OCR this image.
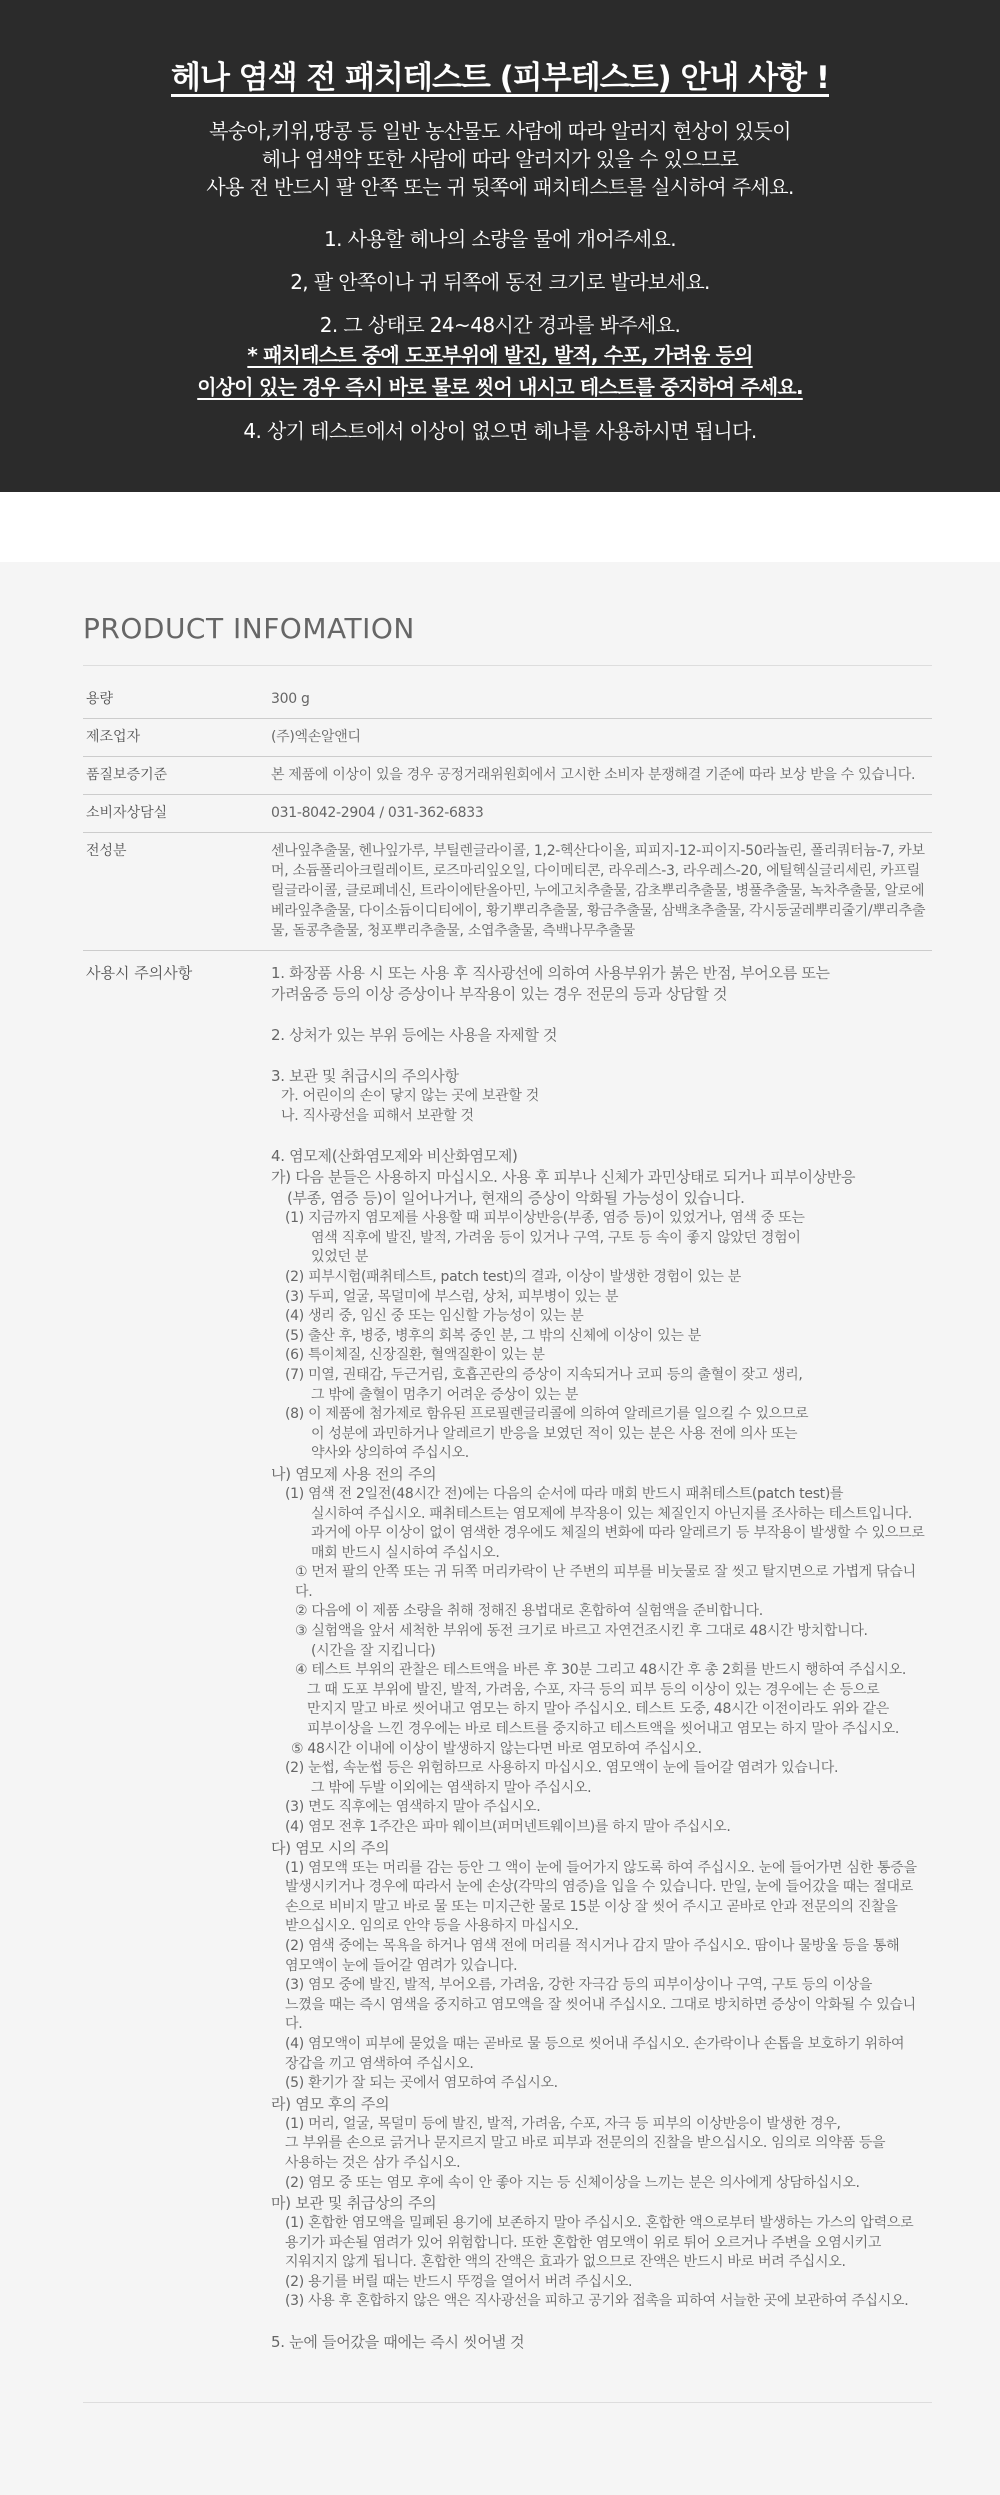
헤나 염색 전 패치테스트 (피부테스트) 안내 사항 !

복숭아,키위,땅콩 등 일반 농산물도 사람에 따라 알러지 현상이 있듯이

헤나 염색약 또한 사람에 따라 알러지가 있을 수 있으므로

사용 전 반드시 팔 안쪽 또는 귀 뒷쪽에 패치테스트를 실시하여 주세요.

1. 사용할 헤나의 소량을 물에 개어주세요.

2, 팔 안쪽이나 귀 뒤쪽에 동전 크기로 발라보세요.

2. 그 상태로 24~48시간 경과를 봐주세요.

* 패치테스트 중에 도포부위에 발진, 발적, 수포, 가려움 등의

이상이 있는 경우 즉시 바로 물로 씻어 내시고 테스트를 중지하여 주세요.

4. 상기 테스트에서 이상이 없으면 헤나를 사용하시면 됩니다.

PRODUCT INFOMATION
용량	300 g
제조업자	(주)엑손알앤디
품질보증기준	본 제품에 이상이 있을 경우 공정거래위원회에서 고시한 소비자 분쟁해결 기준에 따라 보상 받을 수 있습니다.
소비자상담실	031-8042-2904 / 031-362-6833
전성분	센나잎추출물, 헨나잎가루, 부틸렌글라이콜, 1,2-헥산다이올, 피피지-12-피이지-50라놀린, 폴리쿼터늄-7, 카보머, 소듐폴리아크릴레이트, 로즈마리잎오일, 다이메티콘, 라우레스-3, 라우레스-20, 에틸헥실글리세린, 카프릴릴글라이콜, 클로페네신, 트라이에탄올아민, 누에고치추출물, 감초뿌리추출물, 병풀추출물, 녹차추출물, 알로에베라잎추출물, 다이소듐이디티에이, 황기뿌리추출물, 황금추출물, 삼백초추출물, 각시둥굴레뿌리줄기/뿌리추출물, 돌콩추출물, 청포뿌리추출물, 소엽추출물, 측백나무추출물
사용시 주의사항	1. 화장품 사용 시 또는 사용 후 직사광선에 의하여 사용부위가 붉은 반점, 부어오름 또는
가려움증 등의 이상 증상이나 부작용이 있는 경우 전문의 등과 상담할 것
2. 상처가 있는 부위 등에는 사용을 자제할 것
3. 보관 및 취급시의 주의사항
가. 어린이의 손이 닿지 않는 곳에 보관할 것
나. 직사광선을 피해서 보관할 것
4. 염모제(산화염모제와 비산화염모제)
가) 다음 분들은 사용하지 마십시오. 사용 후 피부나 신체가 과민상태로 되거나 피부이상반응
(부종, 염증 등)이 일어나거나, 현재의 증상이 악화될 가능성이 있습니다.
(1) 지금까지 염모제를 사용할 때 피부이상반응(부종, 염증 등)이 있었거나, 염색 중 또는
염색 직후에 발진, 발적, 가려움 등이 있거나 구역, 구토 등 속이 좋지 않았던 경험이
있었던 분
(2) 피부시험(패취테스트, patch test)의 결과, 이상이 발생한 경험이 있는 분
(3) 두피, 얼굴, 목덜미에 부스럼, 상처, 피부병이 있는 분
(4) 생리 중, 임신 중 또는 임신할 가능성이 있는 분
(5) 출산 후, 병중, 병후의 회복 중인 분, 그 밖의 신체에 이상이 있는 분
(6) 특이체질, 신장질환, 혈액질환이 있는 분
(7) 미열, 권태감, 두근거림, 호흡곤란의 증상이 지속되거나 코피 등의 출혈이 잦고 생리,
그 밖에 출혈이 멈추기 어려운 증상이 있는 분
(8) 이 제품에 첨가제로 함유된 프로필렌글리콜에 의하여 알레르기를 일으킬 수 있으므로
이 성분에 과민하거나 알레르기 반응을 보였던 적이 있는 분은 사용 전에 의사 또는
약사와 상의하여 주십시오.
나) 염모제 사용 전의 주의
(1) 염색 전 2일전(48시간 전)에는 다음의 순서에 따라 매회 반드시 패취테스트(patch test)를
실시하여 주십시오. 패취테스트는 염모제에 부작용이 있는 체질인지 아닌지를 조사하는 테스트입니다.
과거에 아무 이상이 없이 염색한 경우에도 체질의 변화에 따라 알레르기 등 부작용이 발생할 수 있으므로
매회 반드시 실시하여 주십시오.
① 먼저 팔의 안쪽 또는 귀 뒤쪽 머리카락이 난 주변의 피부를 비눗물로 잘 씻고 탈지면으로 가볍게 닦습니다.
② 다음에 이 제품 소량을 취해 정해진 용법대로 혼합하여 실험액을 준비합니다.
③ 실험액을 앞서 세척한 부위에 동전 크기로 바르고 자연건조시킨 후 그대로 48시간 방치합니다.
(시간을 잘 지킵니다)
④ 테스트 부위의 관찰은 테스트액을 바른 후 30분 그리고 48시간 후 총 2회를 반드시 행하여 주십시오.
그 때 도포 부위에 발진, 발적, 가려움, 수포, 자극 등의 피부 등의 이상이 있는 경우에는 손 등으로
만지지 말고 바로 씻어내고 염모는 하지 말아 주십시오. 테스트 도중, 48시간 이전이라도 위와 같은
피부이상을 느낀 경우에는 바로 테스트를 중지하고 테스트액을 씻어내고 염모는 하지 말아 주십시오.
⑤ 48시간 이내에 이상이 발생하지 않는다면 바로 염모하여 주십시오.
(2) 눈썹, 속눈썹 등은 위험하므로 사용하지 마십시오. 염모액이 눈에 들어갈 염려가 있습니다.
그 밖에 두발 이외에는 염색하지 말아 주십시오.
(3) 면도 직후에는 염색하지 말아 주십시오.
(4) 염모 전후 1주간은 파마 웨이브(퍼머넨트웨이브)를 하지 말아 주십시오.
다) 염모 시의 주의
(1) 염모액 또는 머리를 감는 등안 그 액이 눈에 들어가지 않도록 하여 주십시오. 눈에 들어가면 심한 통증을
발생시키거나 경우에 따라서 눈에 손상(각막의 염증)을 입을 수 있습니다. 만일, 눈에 들어갔을 때는 절대로
손으로 비비지 말고 바로 물 또는 미지근한 물로 15분 이상 잘 씻어 주시고 곧바로 안과 전문의의 진찰을
받으십시오. 임의로 안약 등을 사용하지 마십시오.
(2) 염색 중에는 목욕을 하거나 염색 전에 머리를 적시거나 감지 말아 주십시오. 땀이나 물방울 등을 통해
염모액이 눈에 들어갈 염려가 있습니다.
(3) 염모 중에 발진, 발적, 부어오름, 가려움, 강한 자극감 등의 피부이상이나 구역, 구토 등의 이상을
느꼈을 때는 즉시 염색을 중지하고 염모액을 잘 씻어내 주십시오. 그대로 방치하면 증상이 악화될 수 있습니다.
(4) 염모액이 피부에 묻었을 때는 곧바로 물 등으로 씻어내 주십시오. 손가락이나 손톱을 보호하기 위하여
장갑을 끼고 염색하여 주십시오.
(5) 환기가 잘 되는 곳에서 염모하여 주십시오.
라) 염모 후의 주의
(1) 머리, 얼굴, 목덜미 등에 발진, 발적, 가려움, 수포, 자극 등 피부의 이상반응이 발생한 경우,
그 부위를 손으로 긁거나 문지르지 말고 바로 피부과 전문의의 진찰을 받으십시오. 임의로 의약품 등을
사용하는 것은 삼가 주십시오.
(2) 염모 중 또는 염모 후에 속이 안 좋아 지는 등 신체이상을 느끼는 분은 의사에게 상담하십시오.
마) 보관 및 취급상의 주의
(1) 혼합한 염모액을 밀폐된 용기에 보존하지 말아 주십시오. 혼합한 액으로부터 발생하는 가스의 압력으로
용기가 파손될 염려가 있어 위험합니다. 또한 혼합한 염모액이 위로 튀어 오르거나 주변을 오염시키고
지워지지 않게 됩니다. 혼합한 액의 잔액은 효과가 없으므로 잔액은 반드시 바로 버려 주십시오.
(2) 용기를 버릴 때는 반드시 뚜껑을 열어서 버려 주십시오.
(3) 사용 후 혼합하지 않은 액은 직사광선을 피하고 공기와 접촉을 피하여 서늘한 곳에 보관하여 주십시오.
5. 눈에 들어갔을 때에는 즉시 씻어낼 것
